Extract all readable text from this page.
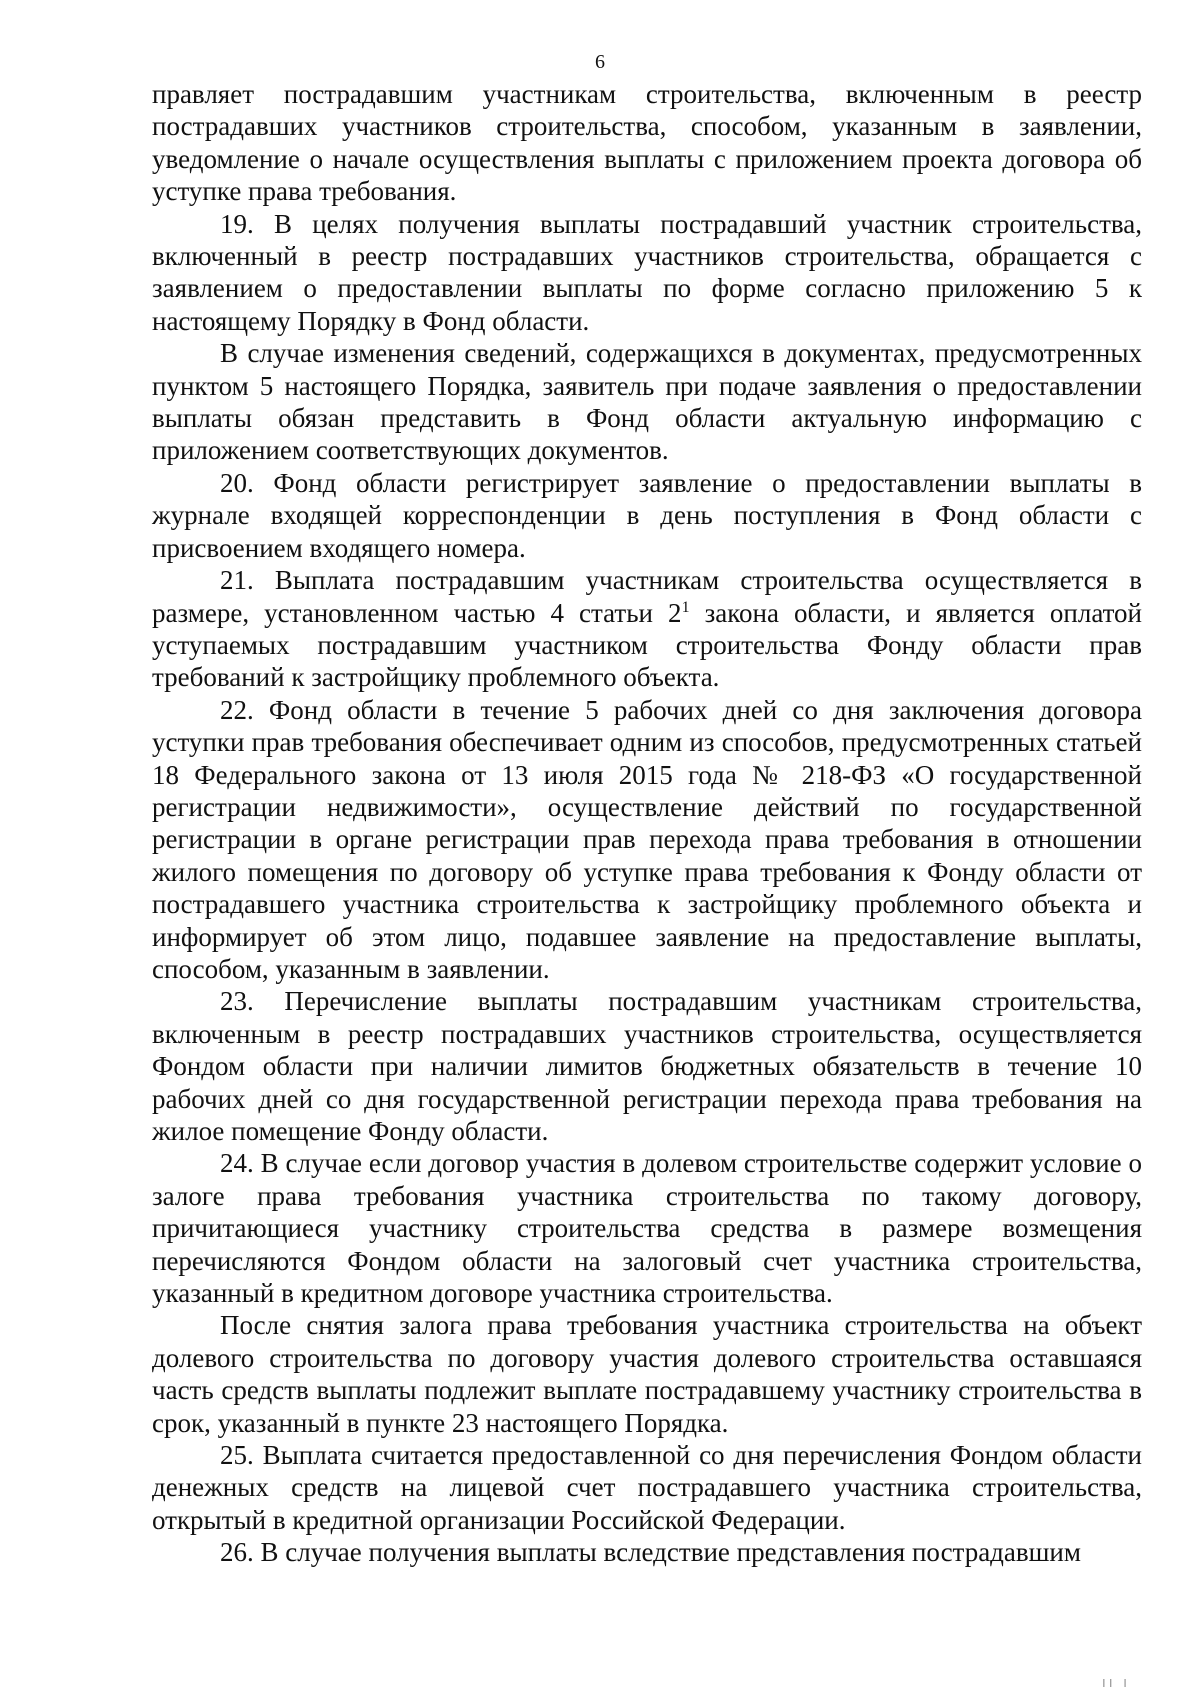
6

правляет пострадавшим участникам строительства, включенным в реестр пострадавших участников строительства, способом, указанным в заявлении, уведомление о начале осуществления выплаты с приложением проекта договора об уступке права требования.

19. В целях получения выплаты пострадавший участник строительства, включенный в реестр пострадавших участников строительства, обращается с заявлением о предоставлении выплаты по форме согласно приложению 5 к настоящему Порядку в Фонд области.

В случае изменения сведений, содержащихся в документах, предусмотренных пунктом 5 настоящего Порядка, заявитель при подаче заявления о предоставлении выплаты обязан представить в Фонд области актуальную информацию с приложением соответствующих документов.

20. Фонд области регистрирует заявление о предоставлении выплаты в журнале входящей корреспонденции в день поступления в Фонд области с присвоением входящего номера.

21. Выплата пострадавшим участникам строительства осуществляется в размере, установленном частью 4 статьи $2^1$ закона области, и является оплатой уступаемых пострадавшим участником строительства Фонду области прав требований к застройщику проблемного объекта.

22. Фонд области в течение 5 рабочих дней со дня заключения договора уступки прав требования обеспечивает одним из способов, предусмотренных статьей 18 Федерального закона от 13 июля 2015 года № 218-ФЗ «О государственной регистрации недвижимости», осуществление действий по государственной регистрации в органе регистрации прав перехода права требования в отношении жилого помещения по договору об уступке права требования к Фонду области от пострадавшего участника строительства к застройщику проблемного объекта и информирует об этом лицо, подавшее заявление на предоставление выплаты, способом, указанным в заявлении.

23. Перечисление выплаты пострадавшим участникам строительства, включенным в реестр пострадавших участников строительства, осуществляется Фондом области при наличии лимитов бюджетных обязательств в течение 10 рабочих дней со дня государственной регистрации перехода права требования на жилое помещение Фонду области.

24. В случае если договор участия в долевом строительстве содержит условие о залоге права требования участника строительства по такому договору, причитающиеся участнику строительства средства в размере возмещения перечисляются Фондом области на залоговый счет участника строительства, указанный в кредитном договоре участника строительства.

После снятия залога права требования участника строительства на объект долевого строительства по договору участия долевого строительства оставшаяся часть средств выплаты подлежит выплате пострадавшему участнику строительства в срок, указанный в пункте 23 настоящего Порядка.

25. Выплата считается предоставленной со дня перечисления Фондом области денежных средств на лицевой счет пострадавшего участника строительства, открытый в кредитной организации Российской Федерации.

26. В случае получения выплаты вследствие представления пострадавшим

ıı ı
